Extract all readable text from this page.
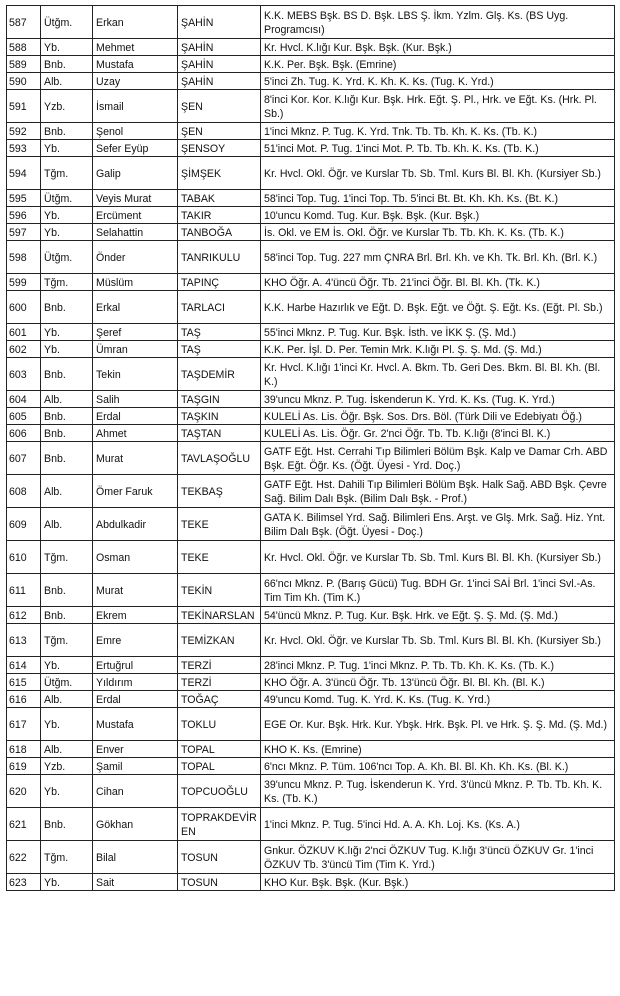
587	Ütğm.	Erkan	ŞAHİN	K.K. MEBS Bşk. BS D. Bşk. LBS Ş. İkm. Yzlm. Glş. Ks. (BS Uyg. Programcısı)
588	Yb.	Mehmet	ŞAHİN	Kr. Hvcl. K.lığı Kur. Bşk. Bşk. (Kur. Bşk.)
589	Bnb.	Mustafa	ŞAHİN	K.K. Per. Bşk. Bşk. (Emrine)
590	Alb.	Uzay	ŞAHİN	5'inci Zh. Tug. K. Yrd. K. Kh. K. Ks. (Tug. K. Yrd.)
591	Yzb.	İsmail	ŞEN	8'inci Kor. Kor. K.lığı Kur. Bşk. Hrk. Eğt. Ş. Pl., Hrk. ve Eğt. Ks. (Hrk. Pl. Sb.)
592	Bnb.	Şenol	ŞEN	1'inci Mknz. P. Tug. K. Yrd. Tnk. Tb. Tb. Kh. K. Ks. (Tb. K.)
593	Yb.	Sefer Eyüp	ŞENSOY	51'inci Mot. P. Tug. 1'inci Mot. P. Tb. Tb. Kh. K. Ks. (Tb. K.)
594	Tğm.	Galip	ŞİMŞEK	Kr. Hvcl. Okl. Öğr. ve Kurslar Tb. Sb. Tml. Kurs Bl. Bl. Kh. (Kursiyer Sb.)
595	Ütğm.	Veyis Murat	TABAK	58'inci Top. Tug. 1'inci Top. Tb. 5'inci Bt. Bt. Kh. Kh. Ks. (Bt. K.)
596	Yb.	Ercüment	TAKIR	10'uncu Komd. Tug. Kur. Bşk. Bşk. (Kur. Bşk.)
597	Yb.	Selahattin	TANBOĞA	İs. Okl. ve EM İs. Okl. Öğr. ve Kurslar Tb. Tb. Kh. K. Ks. (Tb. K.)
598	Ütğm.	Önder	TANRIKULU	58'inci Top. Tug. 227 mm ÇNRA Brl. Brl. Kh. ve Kh. Tk. Brl. Kh. (Brl. K.)
599	Tğm.	Müslüm	TAPINÇ	KHO Öğr. A. 4'üncü Öğr. Tb. 21'inci Öğr. Bl. Bl. Kh. (Tk. K.)
600	Bnb.	Erkal	TARLACI	K.K. Harbe Hazırlık ve Eğt. D. Bşk. Eğt. ve Öğt. Ş. Eğt. Ks. (Eğt. Pl. Sb.)
601	Yb.	Şeref	TAŞ	55'inci Mknz. P. Tug. Kur. Bşk. İsth. ve İKK Ş. (Ş. Md.)
602	Yb.	Ümran	TAŞ	K.K. Per. İşl. D. Per. Temin Mrk. K.lığı Pl. Ş. Ş. Md. (Ş. Md.)
603	Bnb.	Tekin	TAŞDEMİR	Kr. Hvcl. K.lığı 1'inci Kr. Hvcl. A. Bkm. Tb. Geri Des. Bkm. Bl. Bl. Kh. (Bl. K.)
604	Alb.	Salih	TAŞGIN	39'uncu Mknz. P. Tug. İskenderun K. Yrd. K. Ks. (Tug. K. Yrd.)
605	Bnb.	Erdal	TAŞKIN	KULELİ As. Lis. Öğr. Bşk. Sos. Drs. Böl. (Türk Dili ve Edebiyatı Öğ.)
606	Bnb.	Ahmet	TAŞTAN	KULELİ As. Lis. Öğr. Gr. 2'nci Öğr. Tb. Tb. K.lığı (8'inci Bl. K.)
607	Bnb.	Murat	TAVLAŞOĞLU	GATF Eğt. Hst. Cerrahi Tıp Bilimleri Bölüm Bşk. Kalp ve Damar Crh. ABD Bşk. Eğt. Öğr. Ks. (Öğt. Üyesi - Yrd. Doç.)
608	Alb.	Ömer Faruk	TEKBAŞ	GATF Eğt. Hst. Dahili Tıp Bilimleri Bölüm Bşk. Halk Sağ. ABD Bşk. Çevre Sağ. Bilim Dalı Bşk. (Bilim Dalı Bşk. - Prof.)
609	Alb.	Abdulkadir	TEKE	GATA K. Bilimsel Yrd. Sağ. Bilimleri Ens. Arşt. ve Glş. Mrk. Sağ. Hiz. Ynt. Bilim Dalı Bşk. (Öğt. Üyesi - Doç.)
610	Tğm.	Osman	TEKE	Kr. Hvcl. Okl. Öğr. ve Kurslar Tb. Sb. Tml. Kurs Bl. Bl. Kh. (Kursiyer Sb.)
611	Bnb.	Murat	TEKİN	66'ncı Mknz. P. (Barış Gücü) Tug. BDH Gr. 1'inci SAİ Brl. 1'inci Svl.-As. Tim Tim Kh. (Tim K.)
612	Bnb.	Ekrem	TEKİNARSLAN	54'üncü Mknz. P. Tug. Kur. Bşk. Hrk. ve Eğt. Ş. Ş. Md. (Ş. Md.)
613	Tğm.	Emre	TEMİZKAN	Kr. Hvcl. Okl. Öğr. ve Kurslar Tb. Sb. Tml. Kurs Bl. Bl. Kh. (Kursiyer Sb.)
614	Yb.	Ertuğrul	TERZİ	28'inci Mknz. P. Tug. 1'inci Mknz. P. Tb. Tb. Kh. K. Ks. (Tb. K.)
615	Ütğm.	Yıldırım	TERZİ	KHO Öğr. A. 3'üncü Öğr. Tb. 13'üncü Öğr. Bl. Bl. Kh. (Bl. K.)
616	Alb.	Erdal	TOĞAÇ	49'uncu Komd. Tug. K. Yrd. K. Ks. (Tug. K. Yrd.)
617	Yb.	Mustafa	TOKLU	EGE Or. Kur. Bşk. Hrk. Kur. Ybşk. Hrk. Bşk. Pl. ve Hrk. Ş. Ş. Md. (Ş. Md.)
618	Alb.	Enver	TOPAL	KHO K. Ks. (Emrine)
619	Yzb.	Şamil	TOPAL	6'ncı Mknz. P. Tüm. 106'ncı Top. A. Kh. Bl. Bl. Kh. Kh. Ks. (Bl. K.)
620	Yb.	Cihan	TOPCUOĞLU	39'uncu Mknz. P. Tug. İskenderun K. Yrd. 3'üncü Mknz. P. Tb. Tb. Kh. K. Ks. (Tb. K.)
621	Bnb.	Gökhan	TOPRAKDEVİREN	1'inci Mknz. P. Tug. 5'inci Hd. A. A. Kh. Loj. Ks. (Ks. A.)
622	Tğm.	Bilal	TOSUN	Gnkur. ÖZKUV K.lığı 2'nci ÖZKUV Tug. K.lığı 3'üncü ÖZKUV Gr. 1'inci ÖZKUV Tb. 3'üncü Tim (Tim K. Yrd.)
623	Yb.	Sait	TOSUN	KHO Kur. Bşk. Bşk. (Kur. Bşk.)
